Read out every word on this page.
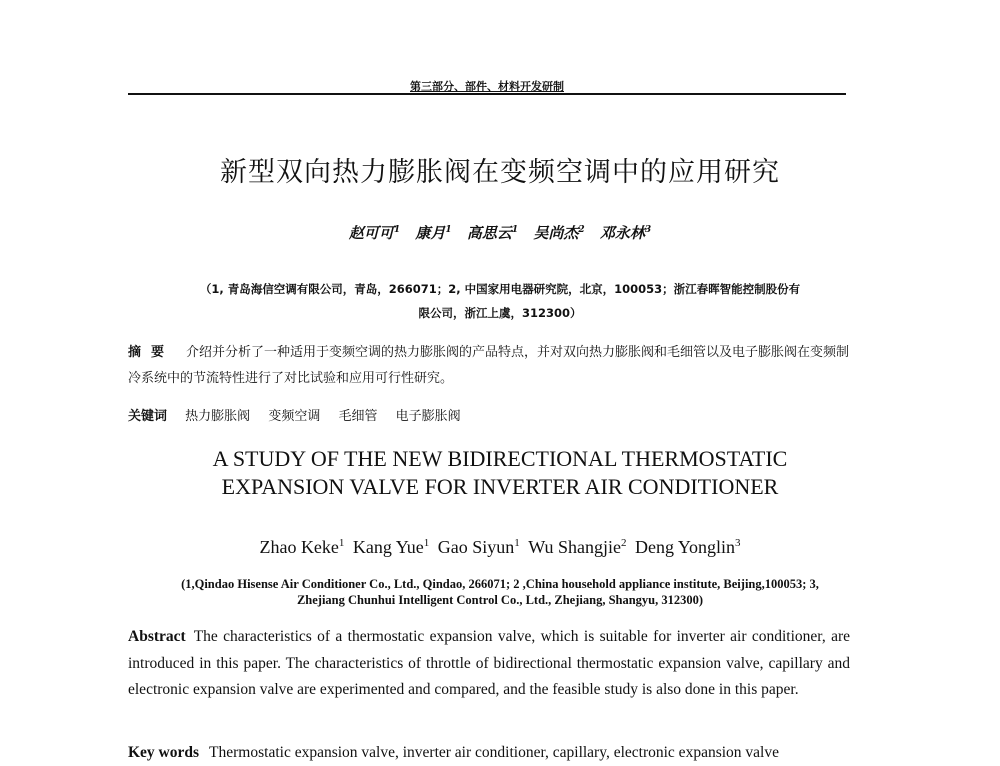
第三部分、部件、材料开发研制
新型双向热力膨胀阀在变频空调中的应用研究
赵可可$^1$ 康月$^1$ 高思云$^1$ 吴尚杰$^2$ 邓永林$^3$
（1, 青岛海信空调有限公司，青岛，266071；2, 中国家用电器研究院，北京，100053；浙江春晖智能控制股份有
限公司，浙江上虞，312300）
摘要 介绍并分析了一种适用于变频空调的热力膨胀阀的产品特点，并对双向热力膨胀阀和毛细管以及电子膨胀阀在变频制冷系统中的节流特性进行了对比试验和应用可行性研究。
关键词 热力膨胀阀 变频空调 毛细管 电子膨胀阀
A STUDY OF THE NEW BIDIRECTIONAL THERMOSTATIC
EXPANSION VALVE FOR INVERTER AIR CONDITIONER
Zhao Keke$^1$ Kang Yue$^1$ Gao Siyun$^1$ Wu Shangjie$^2$ Deng Yonglin$^3$
(1,Qindao Hisense Air Conditioner Co., Ltd., Qindao, 266071; 2 ,China household appliance institute, Beijing,100053; 3,
Zhejiang Chunhui Intelligent Control Co., Ltd., Zhejiang, Shangyu, 312300)
Abstract The characteristics of a thermostatic expansion valve, which is suitable for inverter air conditioner, are introduced in this paper. The characteristics of throttle of bidirectional thermostatic expansion valve, capillary and electronic expansion valve are experimented and compared, and the feasible study is also done in this paper.
Key words Thermostatic expansion valve, inverter air conditioner, capillary, electronic expansion valve
